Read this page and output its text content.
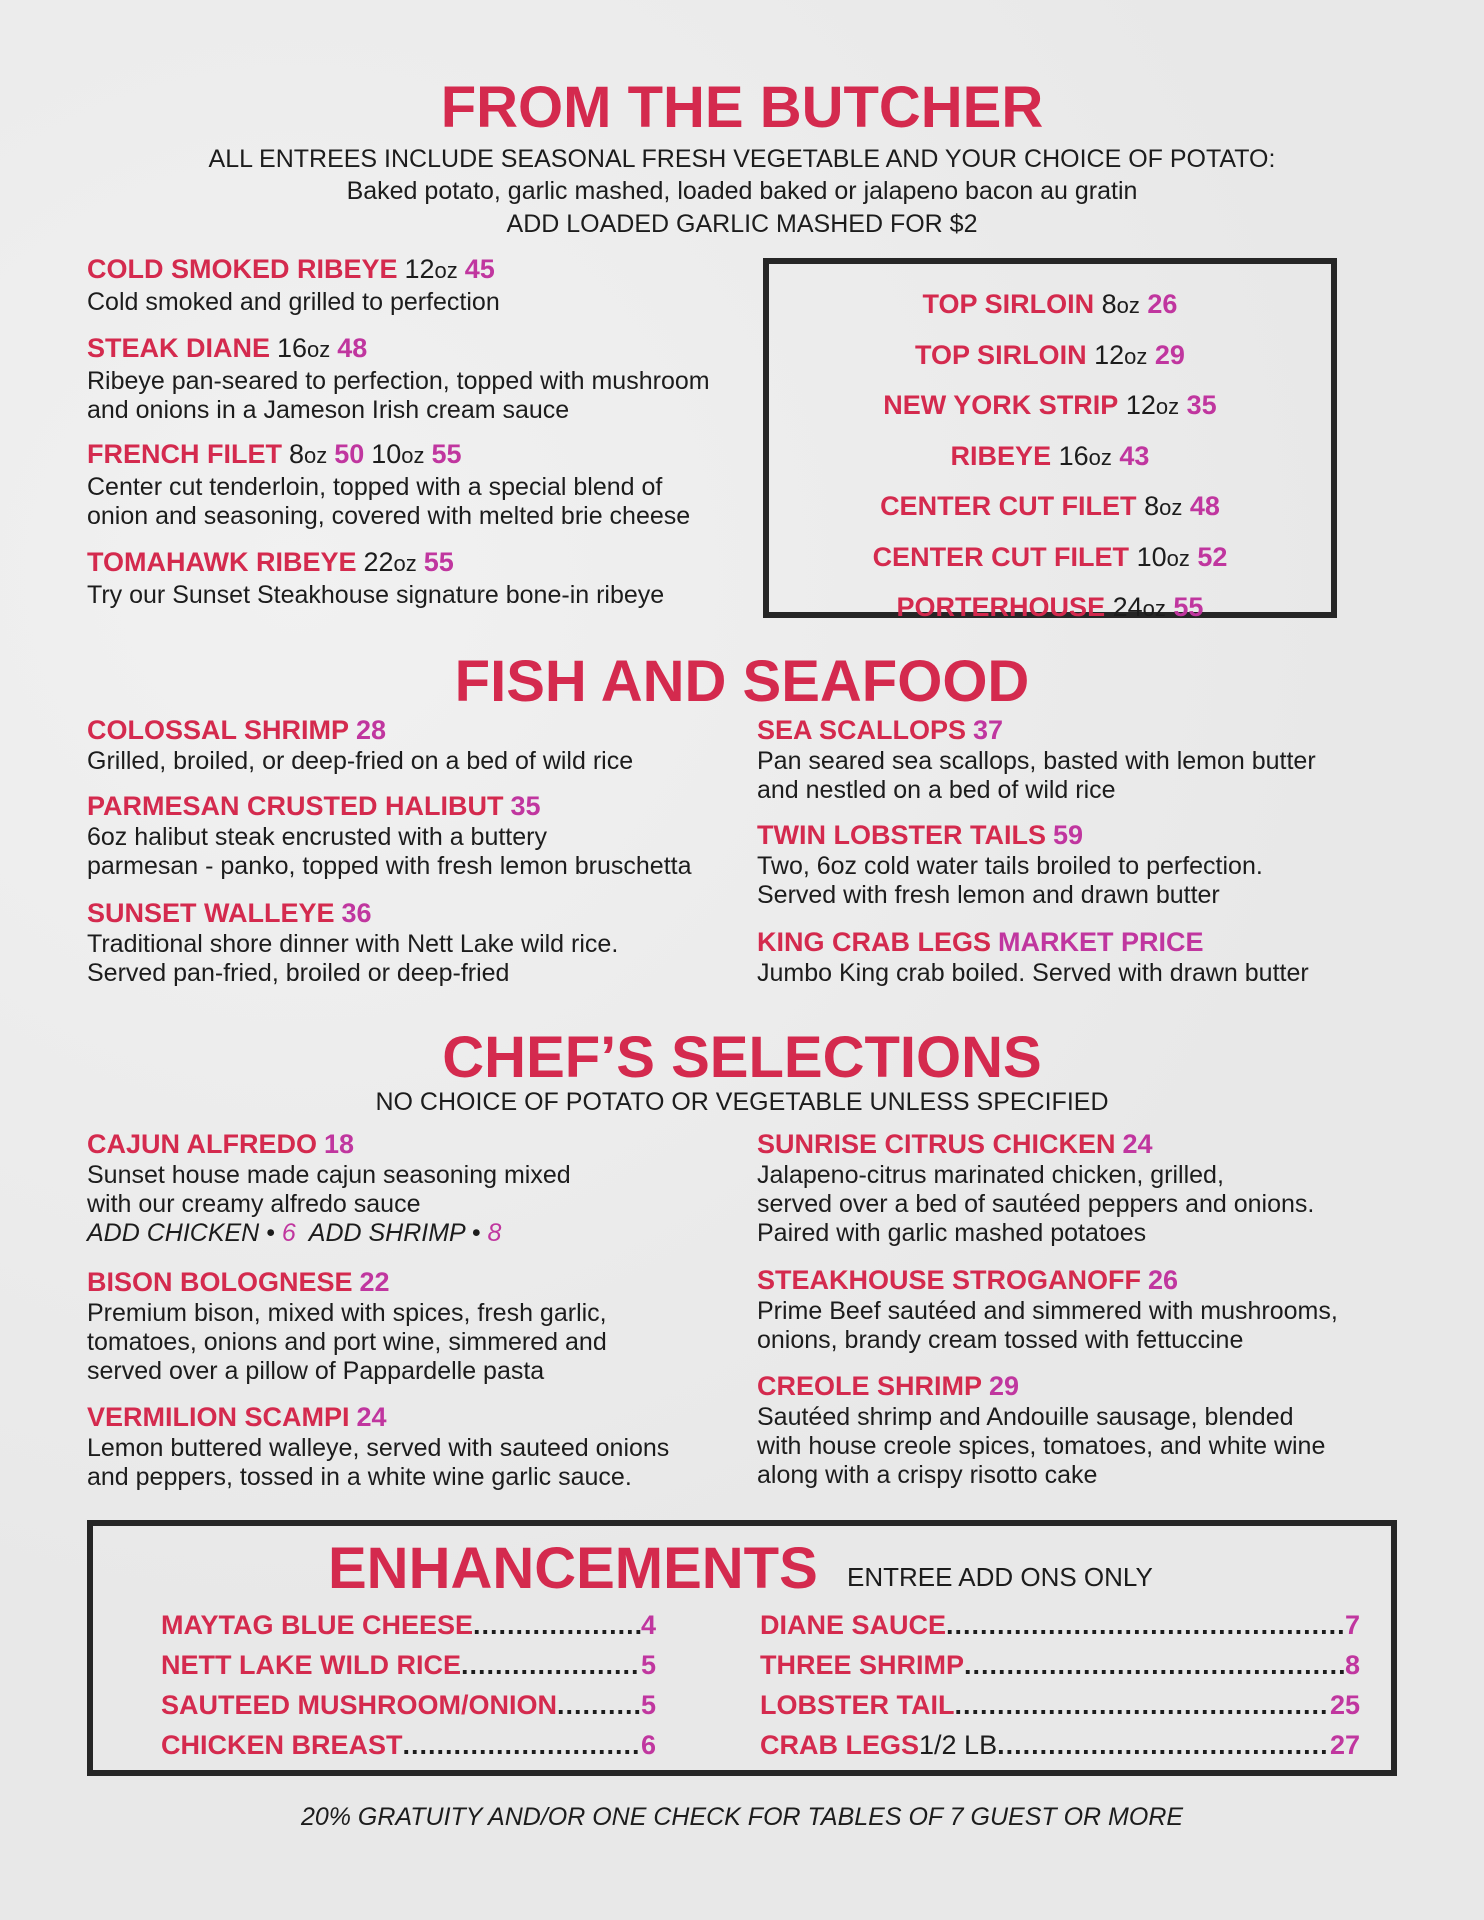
FROM THE BUTCHER
ALL ENTREES INCLUDE SEASONAL FRESH VEGETABLE AND YOUR CHOICE OF POTATO:
Baked potato, garlic mashed, loaded baked or jalapeno bacon au gratin
ADD LOADED GARLIC MASHED FOR $2
COLD SMOKED RIBEYE 12oz 45
Cold smoked and grilled to perfection
STEAK DIANE 16oz 48
Ribeye pan-seared to perfection, topped with mushroom
and onions in a Jameson Irish cream sauce
FRENCH FILET 8oz 50 10oz 55
Center cut tenderloin, topped with a special blend of
onion and seasoning, covered with melted brie cheese
TOMAHAWK RIBEYE 22oz 55
Try our Sunset Steakhouse signature bone-in ribeye
TOP SIRLOIN 8oz 26
TOP SIRLOIN 12oz 29
NEW YORK STRIP 12oz 35
RIBEYE 16oz 43
CENTER CUT FILET 8oz 48
CENTER CUT FILET 10oz 52
PORTERHOUSE 24oz 55
FISH AND SEAFOOD
COLOSSAL SHRIMP 28
Grilled, broiled, or deep-fried on a bed of wild rice
PARMESAN CRUSTED HALIBUT 35
6oz halibut steak encrusted with a buttery
parmesan - panko, topped with fresh lemon bruschetta
SUNSET WALLEYE 36
Traditional shore dinner with Nett Lake wild rice.
Served pan-fried, broiled or deep-fried
SEA SCALLOPS 37
Pan seared sea scallops, basted with lemon butter
and nestled on a bed of wild rice
TWIN LOBSTER TAILS 59
Two, 6oz cold water tails broiled to perfection.
Served with fresh lemon and drawn butter
KING CRAB LEGS MARKET PRICE
Jumbo King crab boiled. Served with drawn butter
CHEF’S SELECTIONS
NO CHOICE OF POTATO OR VEGETABLE UNLESS SPECIFIED
CAJUN ALFREDO 18
Sunset house made cajun seasoning mixed
with our creamy alfredo sauce
ADD CHICKEN • 6 ADD SHRIMP • 8
BISON BOLOGNESE 22
Premium bison, mixed with spices, fresh garlic,
tomatoes, onions and port wine, simmered and
served over a pillow of Pappardelle pasta
VERMILION SCAMPI 24
Lemon buttered walleye, served with sauteed onions
and peppers, tossed in a white wine garlic sauce.
SUNRISE CITRUS CHICKEN 24
Jalapeno-citrus marinated chicken, grilled,
served over a bed of sautéed peppers and onions.
Paired with garlic mashed potatoes
STEAKHOUSE STROGANOFF 26
Prime Beef sautéed and simmered with mushrooms,
onions, brandy cream tossed with fettuccine
CREOLE SHRIMP 29
Sautéed shrimp and Andouille sausage, blended
with house creole spices, tomatoes, and white wine
along with a crispy risotto cake
ENHANCEMENTS ENTREE ADD ONS ONLY
MAYTAG BLUE CHEESE .....	4
NETT LAKE WILD RICE .....	5
SAUTEED MUSHROOM/ONION .....	5
CHICKEN BREAST .....	6
DIANE SAUCE .....	7
THREE SHRIMP .....	8
LOBSTER TAIL .....	25
CRAB LEGS 1/2 LB .....	27
20% GRATUITY AND/OR ONE CHECK FOR TABLES OF 7 GUEST OR MORE
